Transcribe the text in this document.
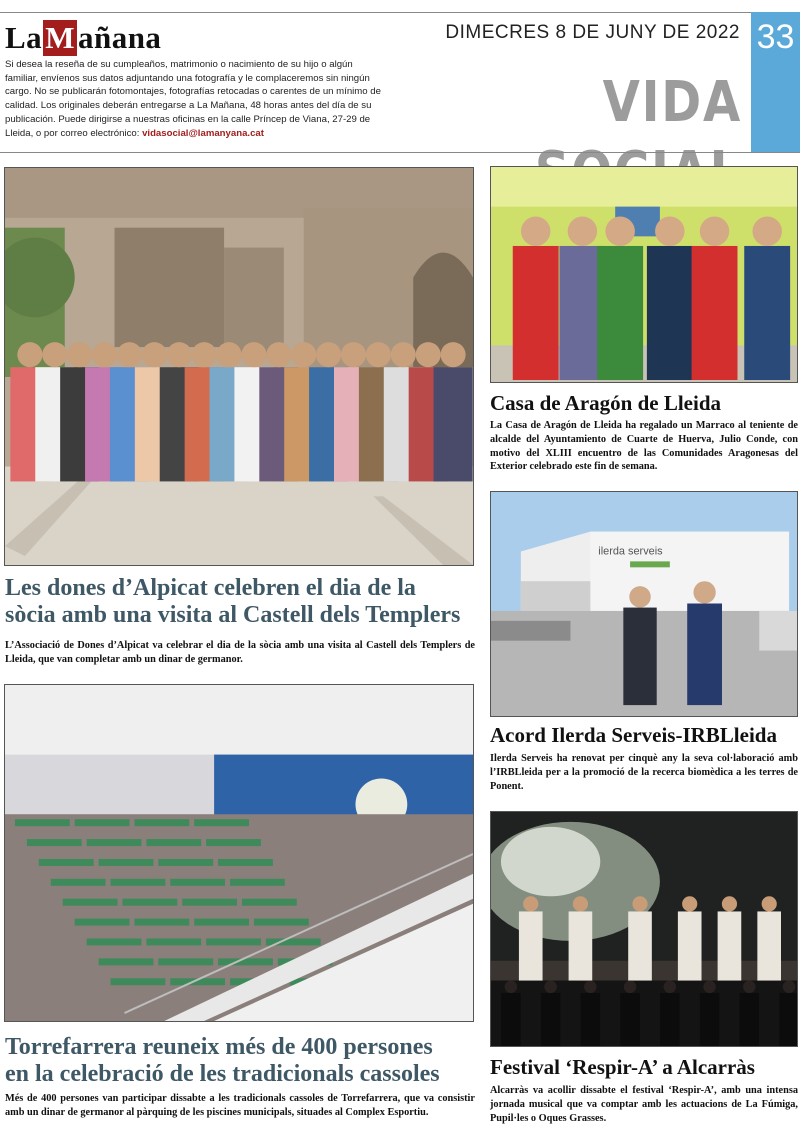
La M añana
Si desea la reseña de su cumpleaños, matrimonio o nacimiento de su hijo o algún familiar, envíenos sus datos adjuntando una fotografía y le complaceremos sin ningún cargo. No se publicarán fotomontajes, fotografías retocadas o carentes de un mínimo de calidad. Los originales deberán entregarse a La Mañana, 48 horas antes del día de su publicación. Puede dirigirse a nuestras oficinas en la calle Príncep de Viana, 27-29 de Lleida, o por correo electrónico: vidasocial@lamanyana.cat
DIMECRES 8 DE JUNY DE 2022
VIDA
33
Les dones d’Alpicat celebren el dia de la
sòcia amb una visita al Castell dels Templers
L’Associació de Dones d’Alpicat va celebrar el dia de la sòcia amb una visita al Castell dels Templers de Lleida, que van completar amb un dinar de germanor.
Torrefarrera reuneix més de 400 persones
en la celebració de les tradicionals cassoles
Més de 400 persones van participar dissabte a les tradicionals cassoles de Torrefarrera, que va consistir amb un dinar de germanor al pàrquing de les piscines municipals, situades al Complex Esportiu.
Casa de Aragón de Lleida
La Casa de Aragón de Lleida ha regalado un Marraco al teniente de alcalde del Ayuntamiento de Cuarte de Huerva, Julio Conde, con motivo del XLIII encuentro de las Comunidades Aragonesas del Exterior celebrado este fin de semana.
ilerda serveis
Acord Ilerda Serveis-IRBLleida
Ilerda Serveis ha renovat per cinquè any la seva col·laboració amb l’IRBLleida per a la promoció de la recerca biomèdica a les terres de Ponent.
Festival ‘Respir-A’ a Alcarràs
Alcarràs va acollir dissabte el festival ‘Respir-A’, amb una intensa jornada musical que va comptar amb les actuacions de La Fúmiga, Pupil·les o Oques Grasses.
